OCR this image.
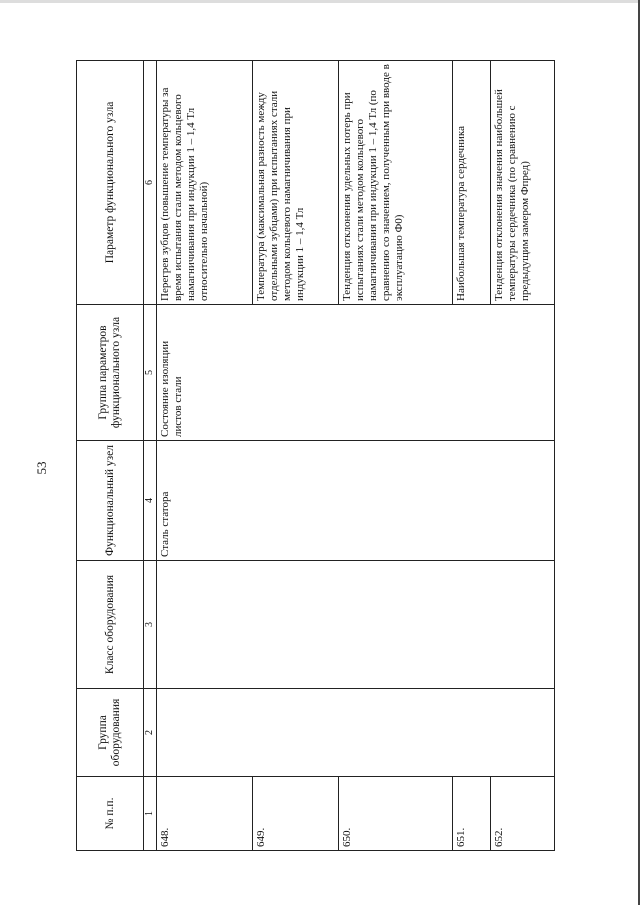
53
№ п.п.	Группа оборудования	Класс оборудования	Функциональный узел	Группа параметров функционального узла	Параметр функционального узла
1	2	3	4	5	6
648.			Сталь статора	Состояние изоляции листов стали	Перегрев зубцов (повышение температуры за время испытания стали методом кольцевого намагничивания при индукции 1 – 1,4 Тл относительно начальной)
649.					Температура (максимальная разность между отдельными зубцами) при испытаниях стали методом кольцевого намагничивания при индукции 1 – 1,4 Тл
650.					Тенденция отклонения удельных потерь при испытаниях стали методом кольцевого намагничивания при индукции 1 – 1,4 Тл (по сравнению со значением, полученным при вводе в эксплуатацию Ф0)
651.					Наибольшая температура сердечника
652.					Тенденция отклонения значения наибольшей температуры сердечника (по сравнению с предыдущим замером Фпред)
